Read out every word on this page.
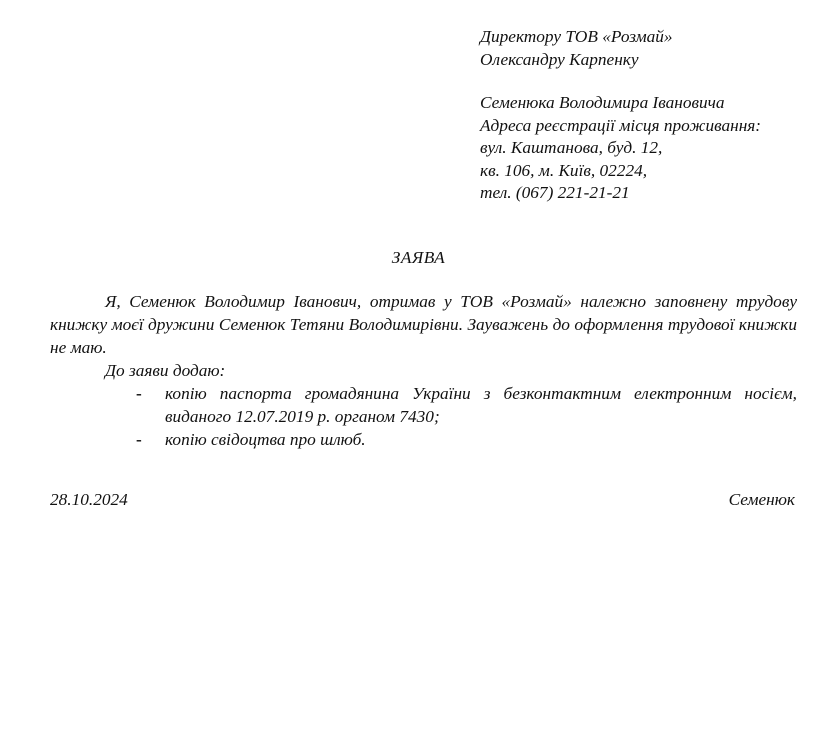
Директору ТОВ «Розмай»
Олександру Карпенку
Семенюка Володимира Івановича
Адреса реєстрації місця проживання:
вул. Каштанова, буд. 12,
кв. 106, м. Київ, 02224,
тел. (067) 221-21-21
ЗАЯВА

Я, Семенюк Володимир Іванович, отримав у ТОВ «Розмай» належно заповнену трудову книжку моєї дружини Семенюк Тетяни Володимирівни. Зауважень до оформлення трудової книжки не маю.

До заяви додаю:

- копію паспорта громадянина України з безконтактним електронним носієм, виданого 12.07.2019 р. органом 7430;
- копію свідоцтва про шлюб.
28.10.2024	Семенюк
